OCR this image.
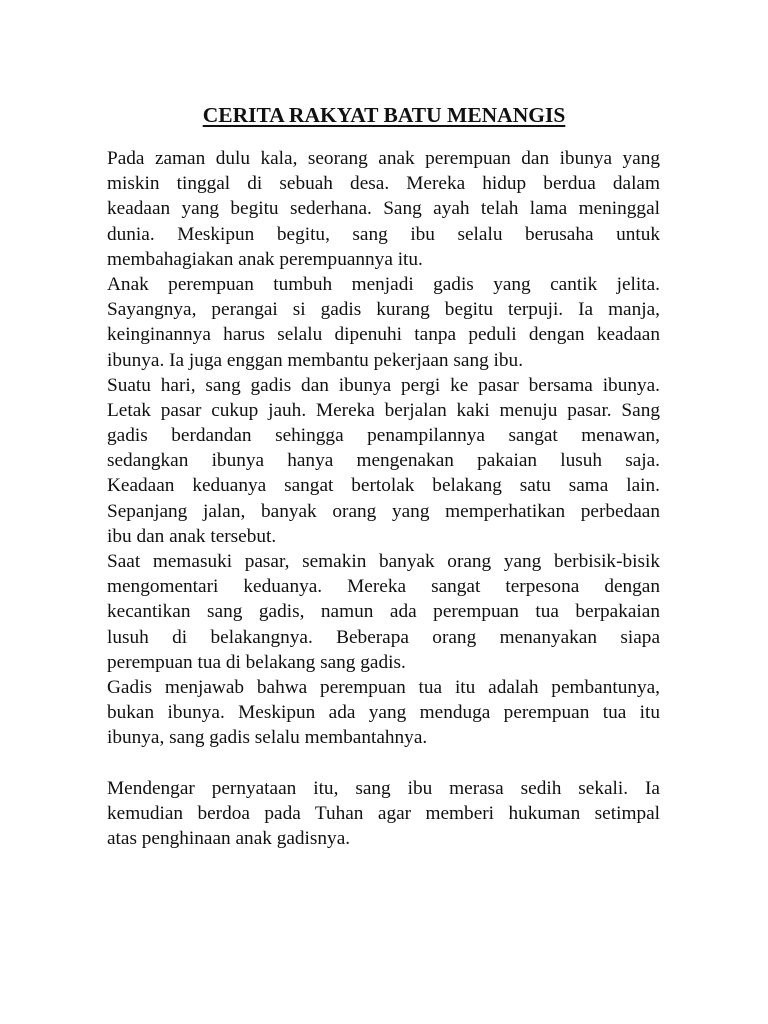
CERITA RAKYAT BATU MENANGIS
Pada zaman dulu kala, seorang anak perempuan dan ibunya yang
miskin tinggal di sebuah desa. Mereka hidup berdua dalam
keadaan yang begitu sederhana. Sang ayah telah lama meninggal
dunia. Meskipun begitu, sang ibu selalu berusaha untuk
membahagiakan anak perempuannya itu.
Anak perempuan tumbuh menjadi gadis yang cantik jelita.
Sayangnya, perangai si gadis kurang begitu terpuji. Ia manja,
keinginannya harus selalu dipenuhi tanpa peduli dengan keadaan
ibunya. Ia juga enggan membantu pekerjaan sang ibu.
Suatu hari, sang gadis dan ibunya pergi ke pasar bersama ibunya.
Letak pasar cukup jauh. Mereka berjalan kaki menuju pasar. Sang
gadis berdandan sehingga penampilannya sangat menawan,
sedangkan ibunya hanya mengenakan pakaian lusuh saja.
Keadaan keduanya sangat bertolak belakang satu sama lain.
Sepanjang jalan, banyak orang yang memperhatikan perbedaan
ibu dan anak tersebut.
Saat memasuki pasar, semakin banyak orang yang berbisik-bisik
mengomentari keduanya. Mereka sangat terpesona dengan
kecantikan sang gadis, namun ada perempuan tua berpakaian
lusuh di belakangnya. Beberapa orang menanyakan siapa
perempuan tua di belakang sang gadis.
Gadis menjawab bahwa perempuan tua itu adalah pembantunya,
bukan ibunya. Meskipun ada yang menduga perempuan tua itu
ibunya, sang gadis selalu membantahnya.
Mendengar pernyataan itu, sang ibu merasa sedih sekali. Ia
kemudian berdoa pada Tuhan agar memberi hukuman setimpal
atas penghinaan anak gadisnya.
